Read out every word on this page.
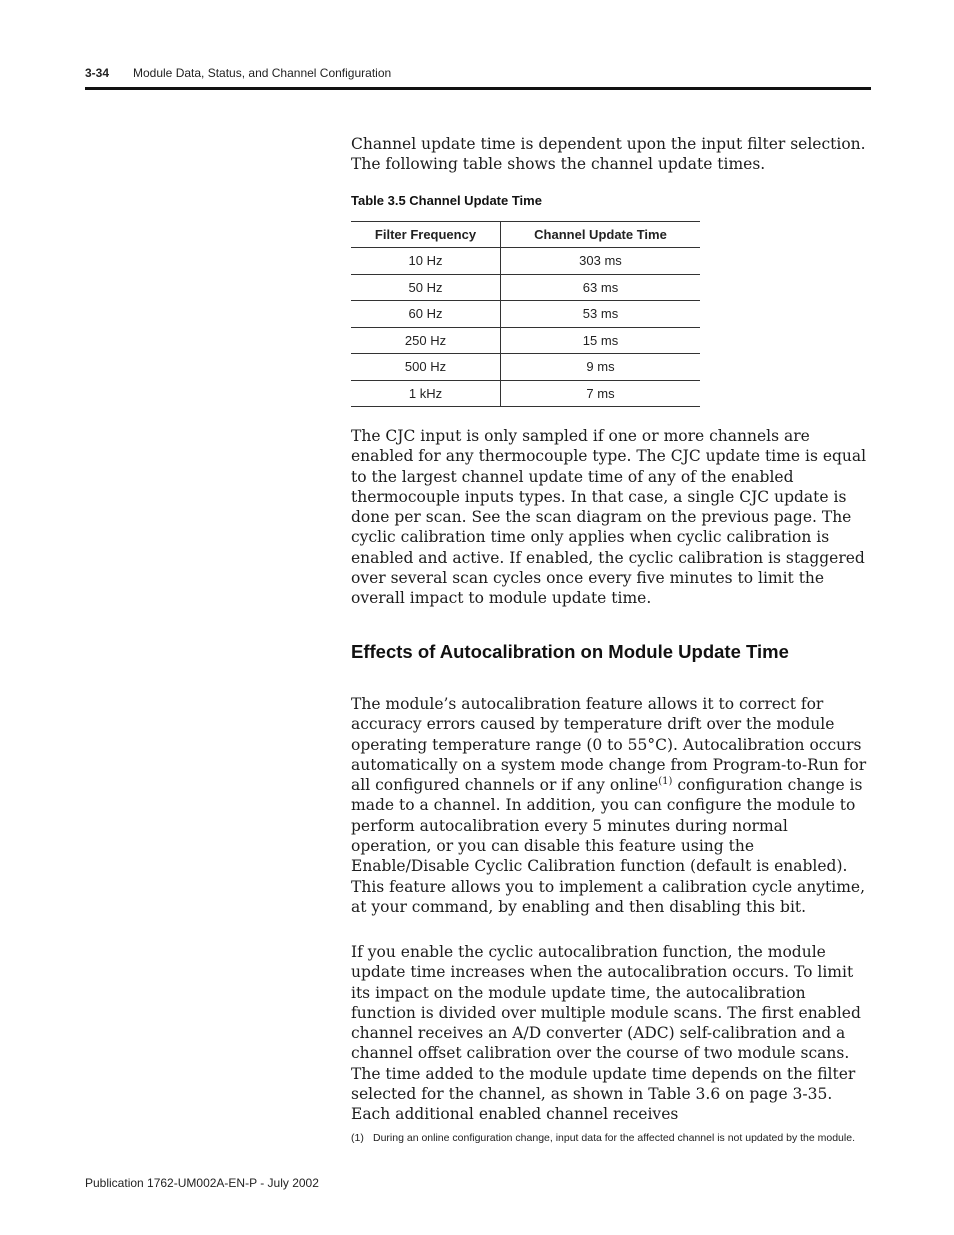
3-34 Module Data, Status, and Channel Configuration

Channel update time is dependent upon the input filter selection. The following table shows the channel update times.

Table 3.5 Channel Update Time
Filter Frequency	Channel Update Time
10 Hz	303 ms
50 Hz	63 ms
60 Hz	53 ms
250 Hz	15 ms
500 Hz	9 ms
1 kHz	7 ms

The CJC input is only sampled if one or more channels are enabled for any thermocouple type. The CJC update time is equal to the largest channel update time of any of the enabled thermocouple inputs types. In that case, a single CJC update is done per scan. See the scan diagram on the previous page. The cyclic calibration time only applies when cyclic calibration is enabled and active. If enabled, the cyclic calibration is staggered over several scan cycles once every five minutes to limit the overall impact to module update time.

Effects of Autocalibration on Module Update Time

The module’s autocalibration feature allows it to correct for accuracy errors caused by temperature drift over the module operating temperature range (0 to 55°C). Autocalibration occurs automatically on a system mode change from Program-to-Run for all configured channels or if any online$^{(1)}$ configuration change is made to a channel. In addition, you can configure the module to perform autocalibration every 5 minutes during normal operation, or you can disable this feature using the Enable/Disable Cyclic Calibration function (default is enabled). This feature allows you to implement a calibration cycle anytime, at your command, by enabling and then disabling this bit.

If you enable the cyclic autocalibration function, the module update time increases when the autocalibration occurs. To limit its impact on the module update time, the autocalibration function is divided over multiple module scans. The first enabled channel receives an A/D converter (ADC) self-calibration and a channel offset calibration over the course of two module scans. The time added to the module update time depends on the filter selected for the channel, as shown in Table 3.6 on page 3-35. Each additional enabled channel receives

(1) During an online configuration change, input data for the affected channel is not updated by the module.
Publication 1762-UM002A-EN-P - July 2002
